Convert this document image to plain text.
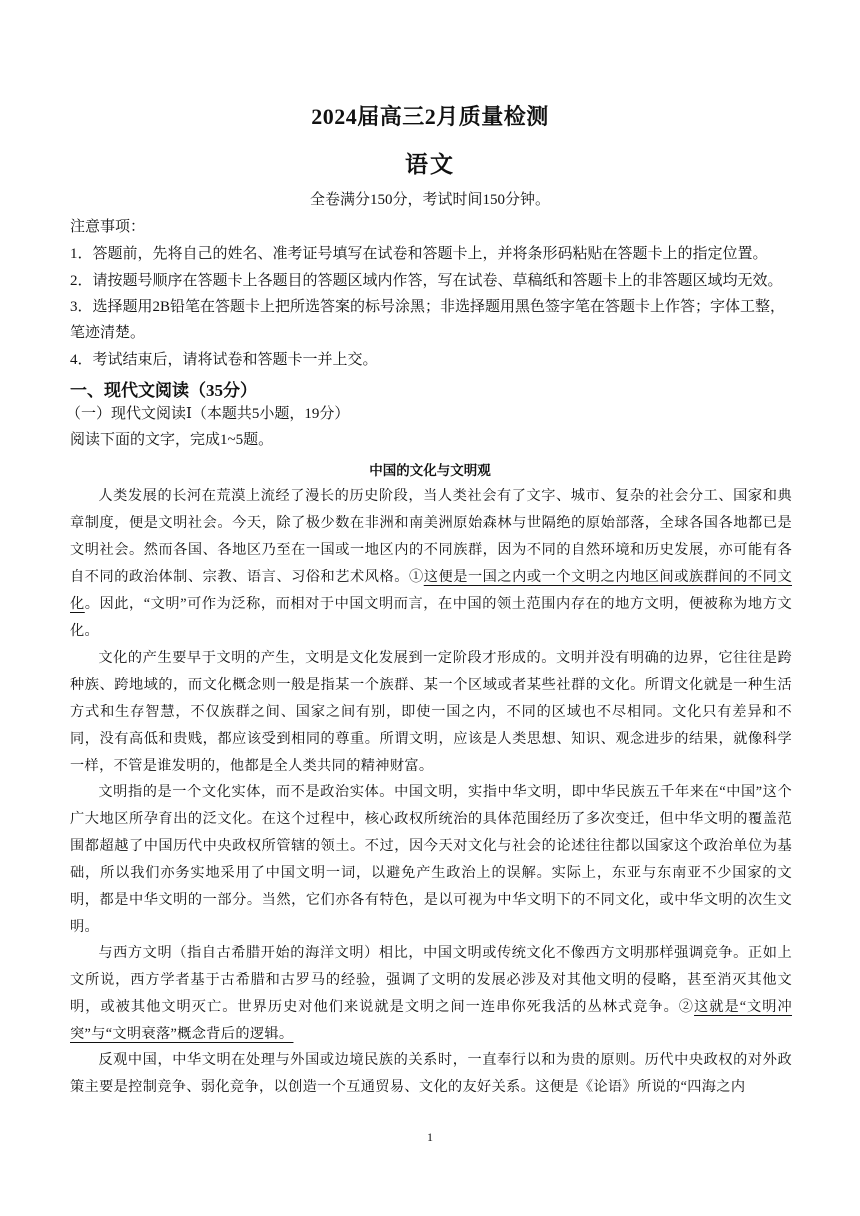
2024届高三2月质量检测
语文
全卷满分150分，考试时间150分钟。
注意事项：
1．答题前，先将自己的姓名、准考证号填写在试卷和答题卡上，并将条形码粘贴在答题卡上的指定位置。
2．请按题号顺序在答题卡上各题目的答题区域内作答，写在试卷、草稿纸和答题卡上的非答题区域均无效。
3．选择题用2B铅笔在答题卡上把所选答案的标号涂黑；非选择题用黑色签字笔在答题卡上作答；字体工整，
笔迹清楚。
4．考试结束后，请将试卷和答题卡一并上交。
一、现代文阅读（35分）
（一）现代文阅读Ⅰ（本题共5小题，19分）
阅读下面的文字，完成1~5题。
中国的文化与文明观
人类发展的长河在荒漠上流经了漫长的历史阶段，当人类社会有了文字、城市、复杂的社会分工、国家和典章制度，便是文明社会。今天，除了极少数在非洲和南美洲原始森林与世隔绝的原始部落，全球各国各地都已是文明社会。然而各国、各地区乃至在一国或一地区内的不同族群，因为不同的自然环境和历史发展，亦可能有各自不同的政治体制、宗教、语言、习俗和艺术风格。①这便是一国之内或一个文明之内地区间或族群间的不同文化。因此，“文明”可作为泛称，而相对于中国文明而言，在中国的领土范围内存在的地方文明，便被称为地方文化。
文化的产生要早于文明的产生，文明是文化发展到一定阶段才形成的。文明并没有明确的边界，它往往是跨种族、跨地域的，而文化概念则一般是指某一个族群、某一个区域或者某些社群的文化。所谓文化就是一种生活方式和生存智慧，不仅族群之间、国家之间有别，即使一国之内，不同的区域也不尽相同。文化只有差异和不同，没有高低和贵贱，都应该受到相同的尊重。所谓文明，应该是人类思想、知识、观念进步的结果，就像科学一样，不管是谁发明的，他都是全人类共同的精神财富。
文明指的是一个文化实体，而不是政治实体。中国文明，实指中华文明，即中华民族五千年来在“中国”这个广大地区所孕育出的泛文化。在这个过程中，核心政权所统治的具体范围经历了多次变迁，但中华文明的覆盖范围都超越了中国历代中央政权所管辖的领土。不过，因今天对文化与社会的论述往往都以国家这个政治单位为基础，所以我们亦务实地采用了中国文明一词，以避免产生政治上的误解。实际上，东亚与东南亚不少国家的文明，都是中华文明的一部分。当然，它们亦各有特色，是以可视为中华文明下的不同文化，或中华文明的次生文明。
与西方文明（指自古希腊开始的海洋文明）相比，中国文明或传统文化不像西方文明那样强调竞争。正如上文所说，西方学者基于古希腊和古罗马的经验，强调了文明的发展必涉及对其他文明的侵略，甚至消灭其他文明，或被其他文明灭亡。世界历史对他们来说就是文明之间一连串你死我活的丛林式竞争。②这就是“文明冲突”与“文明衰落”概念背后的逻辑。
反观中国，中华文明在处理与外国或边境民族的关系时，一直奉行以和为贵的原则。历代中央政权的对外政策主要是控制竞争、弱化竞争，以创造一个互通贸易、文化的友好关系。这便是《论语》所说的“四海之内
1
